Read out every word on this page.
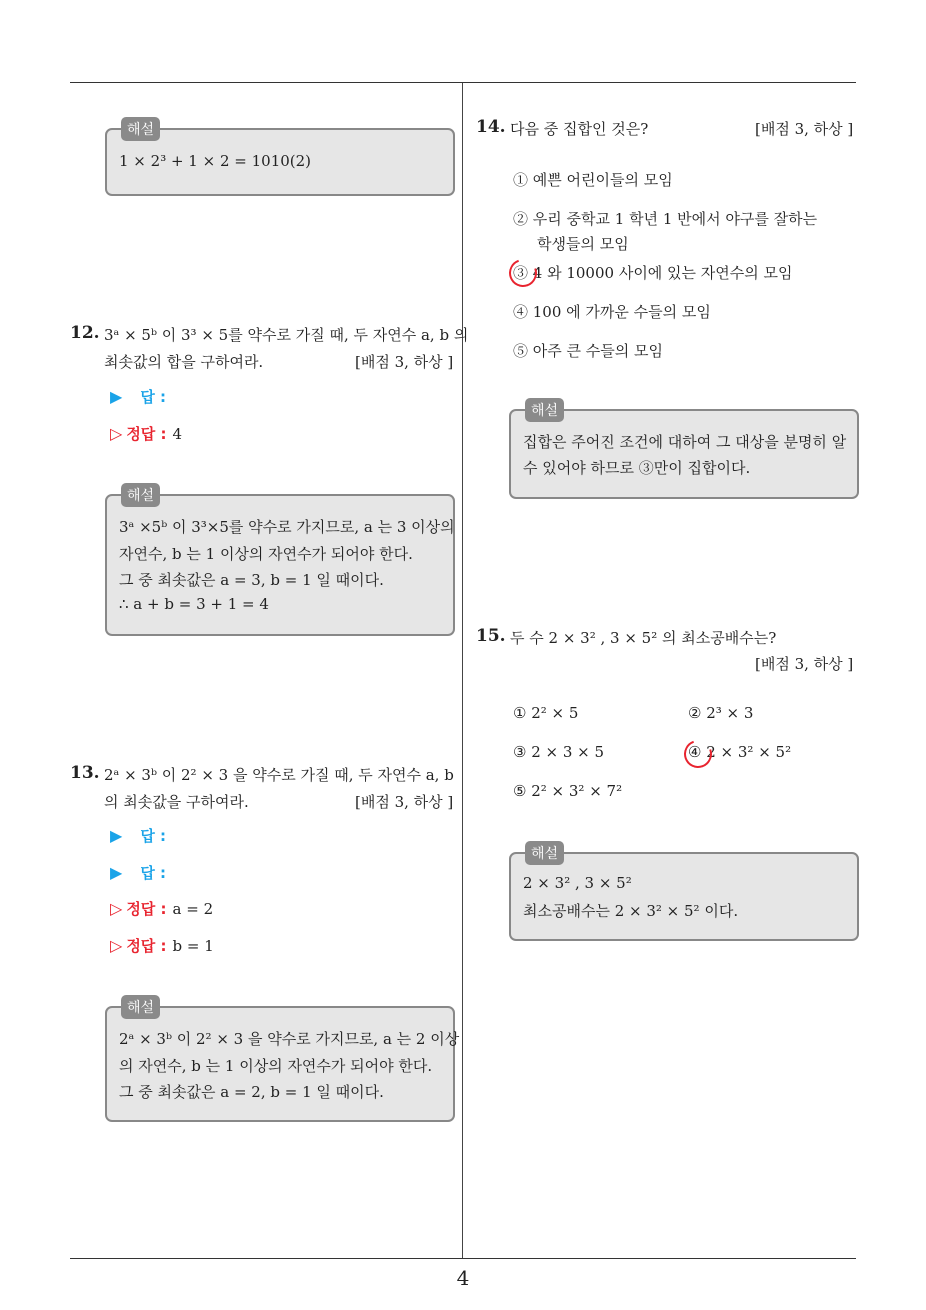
해설
1 × 2³ + 1 × 2 = 1010(2)
12. 3ᵃ × 5ᵇ 이 3³ × 5를 약수로 가질 때, 두 자연수 a, b 의
최솟값의 합을 구하여라.	[배점 3, 하상 ]
▶ 답 :
▷ 정답 : 4
해설
3ᵃ ×5ᵇ 이 3³×5를 약수로 가지므로, a 는 3 이상의
자연수, b 는 1 이상의 자연수가 되어야 한다.
그 중 최솟값은 a = 3, b = 1 일 때이다.
∴ a + b = 3 + 1 = 4
13. 2ᵃ × 3ᵇ 이 2² × 3 을 약수로 가질 때, 두 자연수 a, b
의 최솟값을 구하여라.	[배점 3, 하상 ]
▶ 답 :
▶ 답 :
▷ 정답 : a = 2
▷ 정답 : b = 1
해설
2ᵃ × 3ᵇ 이 2² × 3 을 약수로 가지므로, a 는 2 이상
의 자연수, b 는 1 이상의 자연수가 되어야 한다.
그 중 최솟값은 a = 2, b = 1 일 때이다.
14. 다음 중 집합인 것은?	[배점 3, 하상 ]
① 예쁜 어린이들의 모임
② 우리 중학교 1 학년 1 반에서 야구를 잘하는
학생들의 모임
③ 4 와 10000 사이에 있는 자연수의 모임
④ 100 에 가까운 수들의 모임
⑤ 아주 큰 수들의 모임
해설
집합은 주어진 조건에 대하여 그 대상을 분명히 알
수 있어야 하므로 ③만이 집합이다.
15. 두 수 2 × 3² , 3 × 5² 의 최소공배수는?
[배점 3, 하상 ]
① 2² × 5	② 2³ × 3
③ 2 × 3 × 5	④ 2 × 3² × 5²
⑤ 2² × 3² × 7²
해설
2 × 3² , 3 × 5²
최소공배수는 2 × 3² × 5² 이다.
4
